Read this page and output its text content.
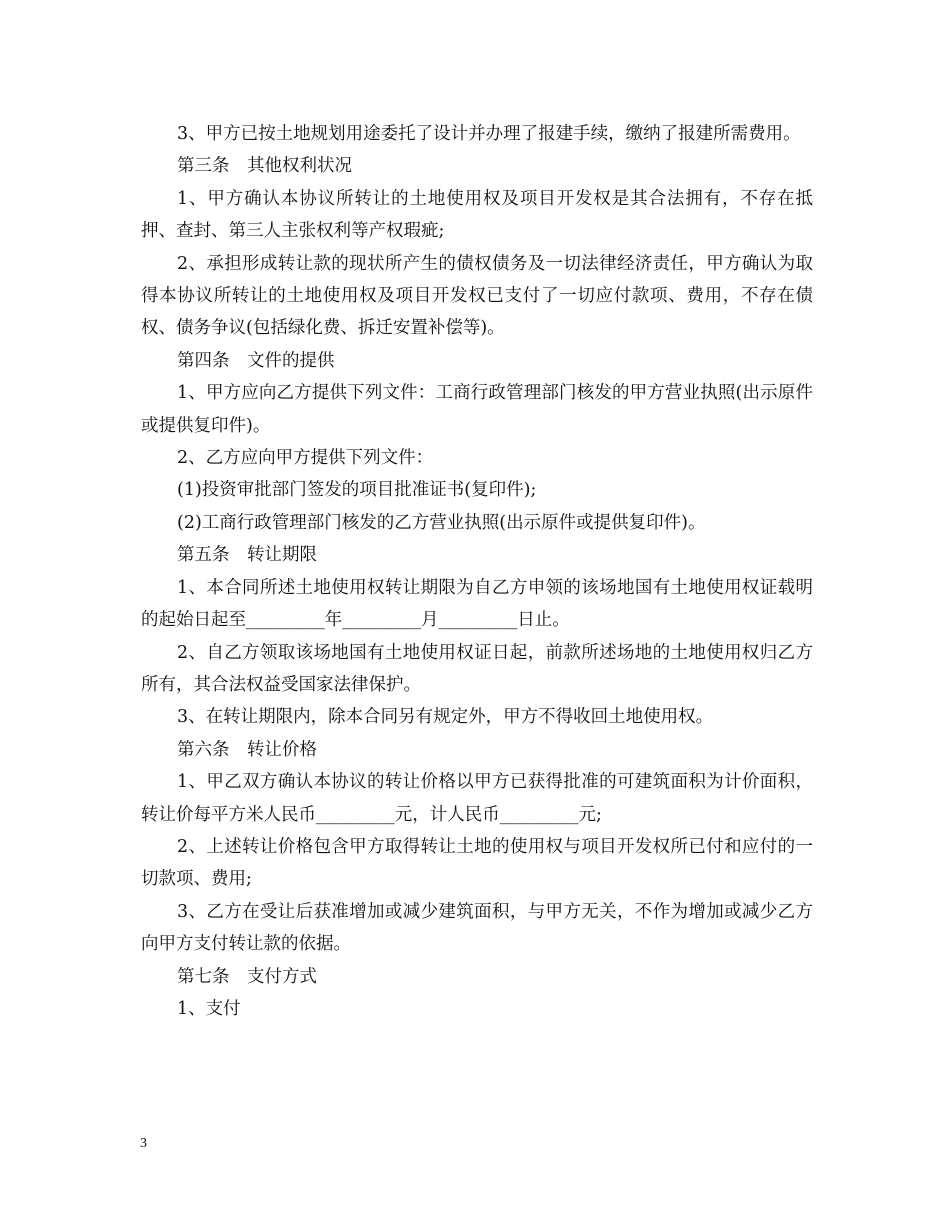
3、甲方已按土地规划用途委托了设计并办理了报建手续，缴纳了报建所需费用。

第三条　其他权利状况

1、甲方确认本协议所转让的土地使用权及项目开发权是其合法拥有，不存在抵押、查封、第三人主张权利等产权瑕疵;

2、承担形成转让款的现状所产生的债权债务及一切法律经济责任，甲方确认为取得本协议所转让的土地使用权及项目开发权已支付了一切应付款项、费用，不存在债权、债务争议(包括绿化费、拆迁安置补偿等)。

第四条　文件的提供

1、甲方应向乙方提供下列文件：工商行政管理部门核发的甲方营业执照(出示原件或提供复印件)。

2、乙方应向甲方提供下列文件：

(1)投资审批部门签发的项目批准证书(复印件);

(2)工商行政管理部门核发的乙方营业执照(出示原件或提供复印件)。

第五条　转让期限

1、本合同所述土地使用权转让期限为自乙方申领的该场地国有土地使用权证载明的起始日起至_________年_________月_________日止。

2、自乙方领取该场地国有土地使用权证日起，前款所述场地的土地使用权归乙方所有，其合法权益受国家法律保护。

3、在转让期限内，除本合同另有规定外，甲方不得收回土地使用权。

第六条　转让价格

1、甲乙双方确认本协议的转让价格以甲方已获得批准的可建筑面积为计价面积，转让价每平方米人民币_________元，计人民币_________元;

2、上述转让价格包含甲方取得转让土地的使用权与项目开发权所已付和应付的一切款项、费用;

3、乙方在受让后获准增加或减少建筑面积，与甲方无关，不作为增加或减少乙方向甲方支付转让款的依据。

第七条　支付方式

1、支付

3
